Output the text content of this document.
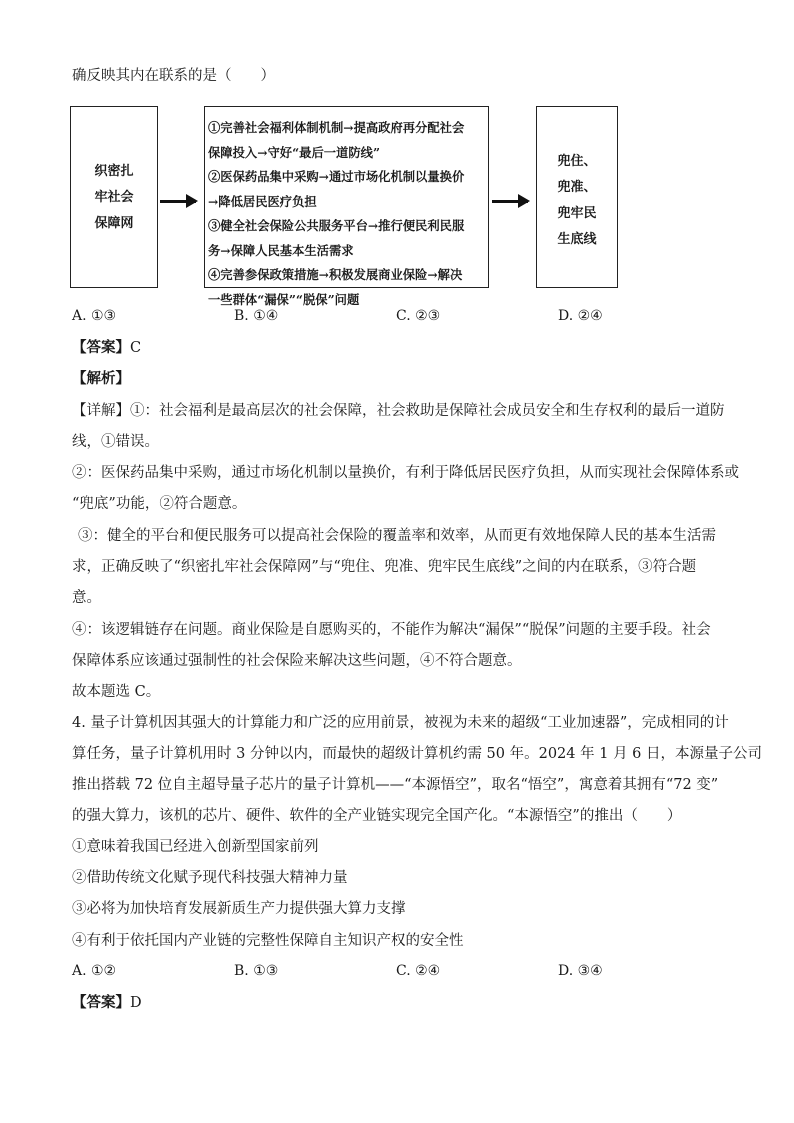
确反映其内在联系的是（　　）
织密扎
牢社会
保障网
①完善社会福利体制机制→提高政府再分配社会
保障投入→守好“最后一道防线”
②医保药品集中采购→通过市场化机制以量换价
→降低居民医疗负担
③健全社会保险公共服务平台→推行便民利民服
务→保障人民基本生活需求
④完善参保政策措施→积极发展商业保险→解决
一些群体“漏保”“脱保”问题
兜住、
兜准、
兜牢民
生底线
A. ①③	B. ①④	C. ②③	D. ②④
【答案】C
【解析】
【详解】①：社会福利是最高层次的社会保障，社会救助是保障社会成员安全和生存权利的最后一道防
线，①错误。
②：医保药品集中采购，通过市场化机制以量换价，有利于降低居民医疗负担，从而实现社会保障体系或
“兜底”功能，②符合题意。
③：健全的平台和便民服务可以提高社会保险的覆盖率和效率，从而更有效地保障人民的基本生活需
求，正确反映了“织密扎牢社会保障网”与“兜住、兜准、兜牢民生底线”之间的内在联系，③符合题
意。
④：该逻辑链存在问题。商业保险是自愿购买的，不能作为解决“漏保”“脱保”问题的主要手段。社会
保障体系应该通过强制性的社会保险来解决这些问题，④不符合题意。
故本题选 C。
4. 量子计算机因其强大的计算能力和广泛的应用前景，被视为未来的超级“工业加速器”，完成相同的计
算任务，量子计算机用时 3 分钟以内，而最快的超级计算机约需 50 年。2024 年 1 月 6 日，本源量子公司
推出搭载 72 位自主超导量子芯片的量子计算机——“本源悟空”，取名“悟空”，寓意着其拥有“72 变”
的强大算力，该机的芯片、硬件、软件的全产业链实现完全国产化。“本源悟空”的推出（　　）
①意味着我国已经进入创新型国家前列
②借助传统文化赋予现代科技强大精神力量
③必将为加快培育发展新质生产力提供强大算力支撑
④有利于依托国内产业链的完整性保障自主知识产权的安全性
A. ①②	B. ①③	C. ②④	D. ③④
【答案】D
